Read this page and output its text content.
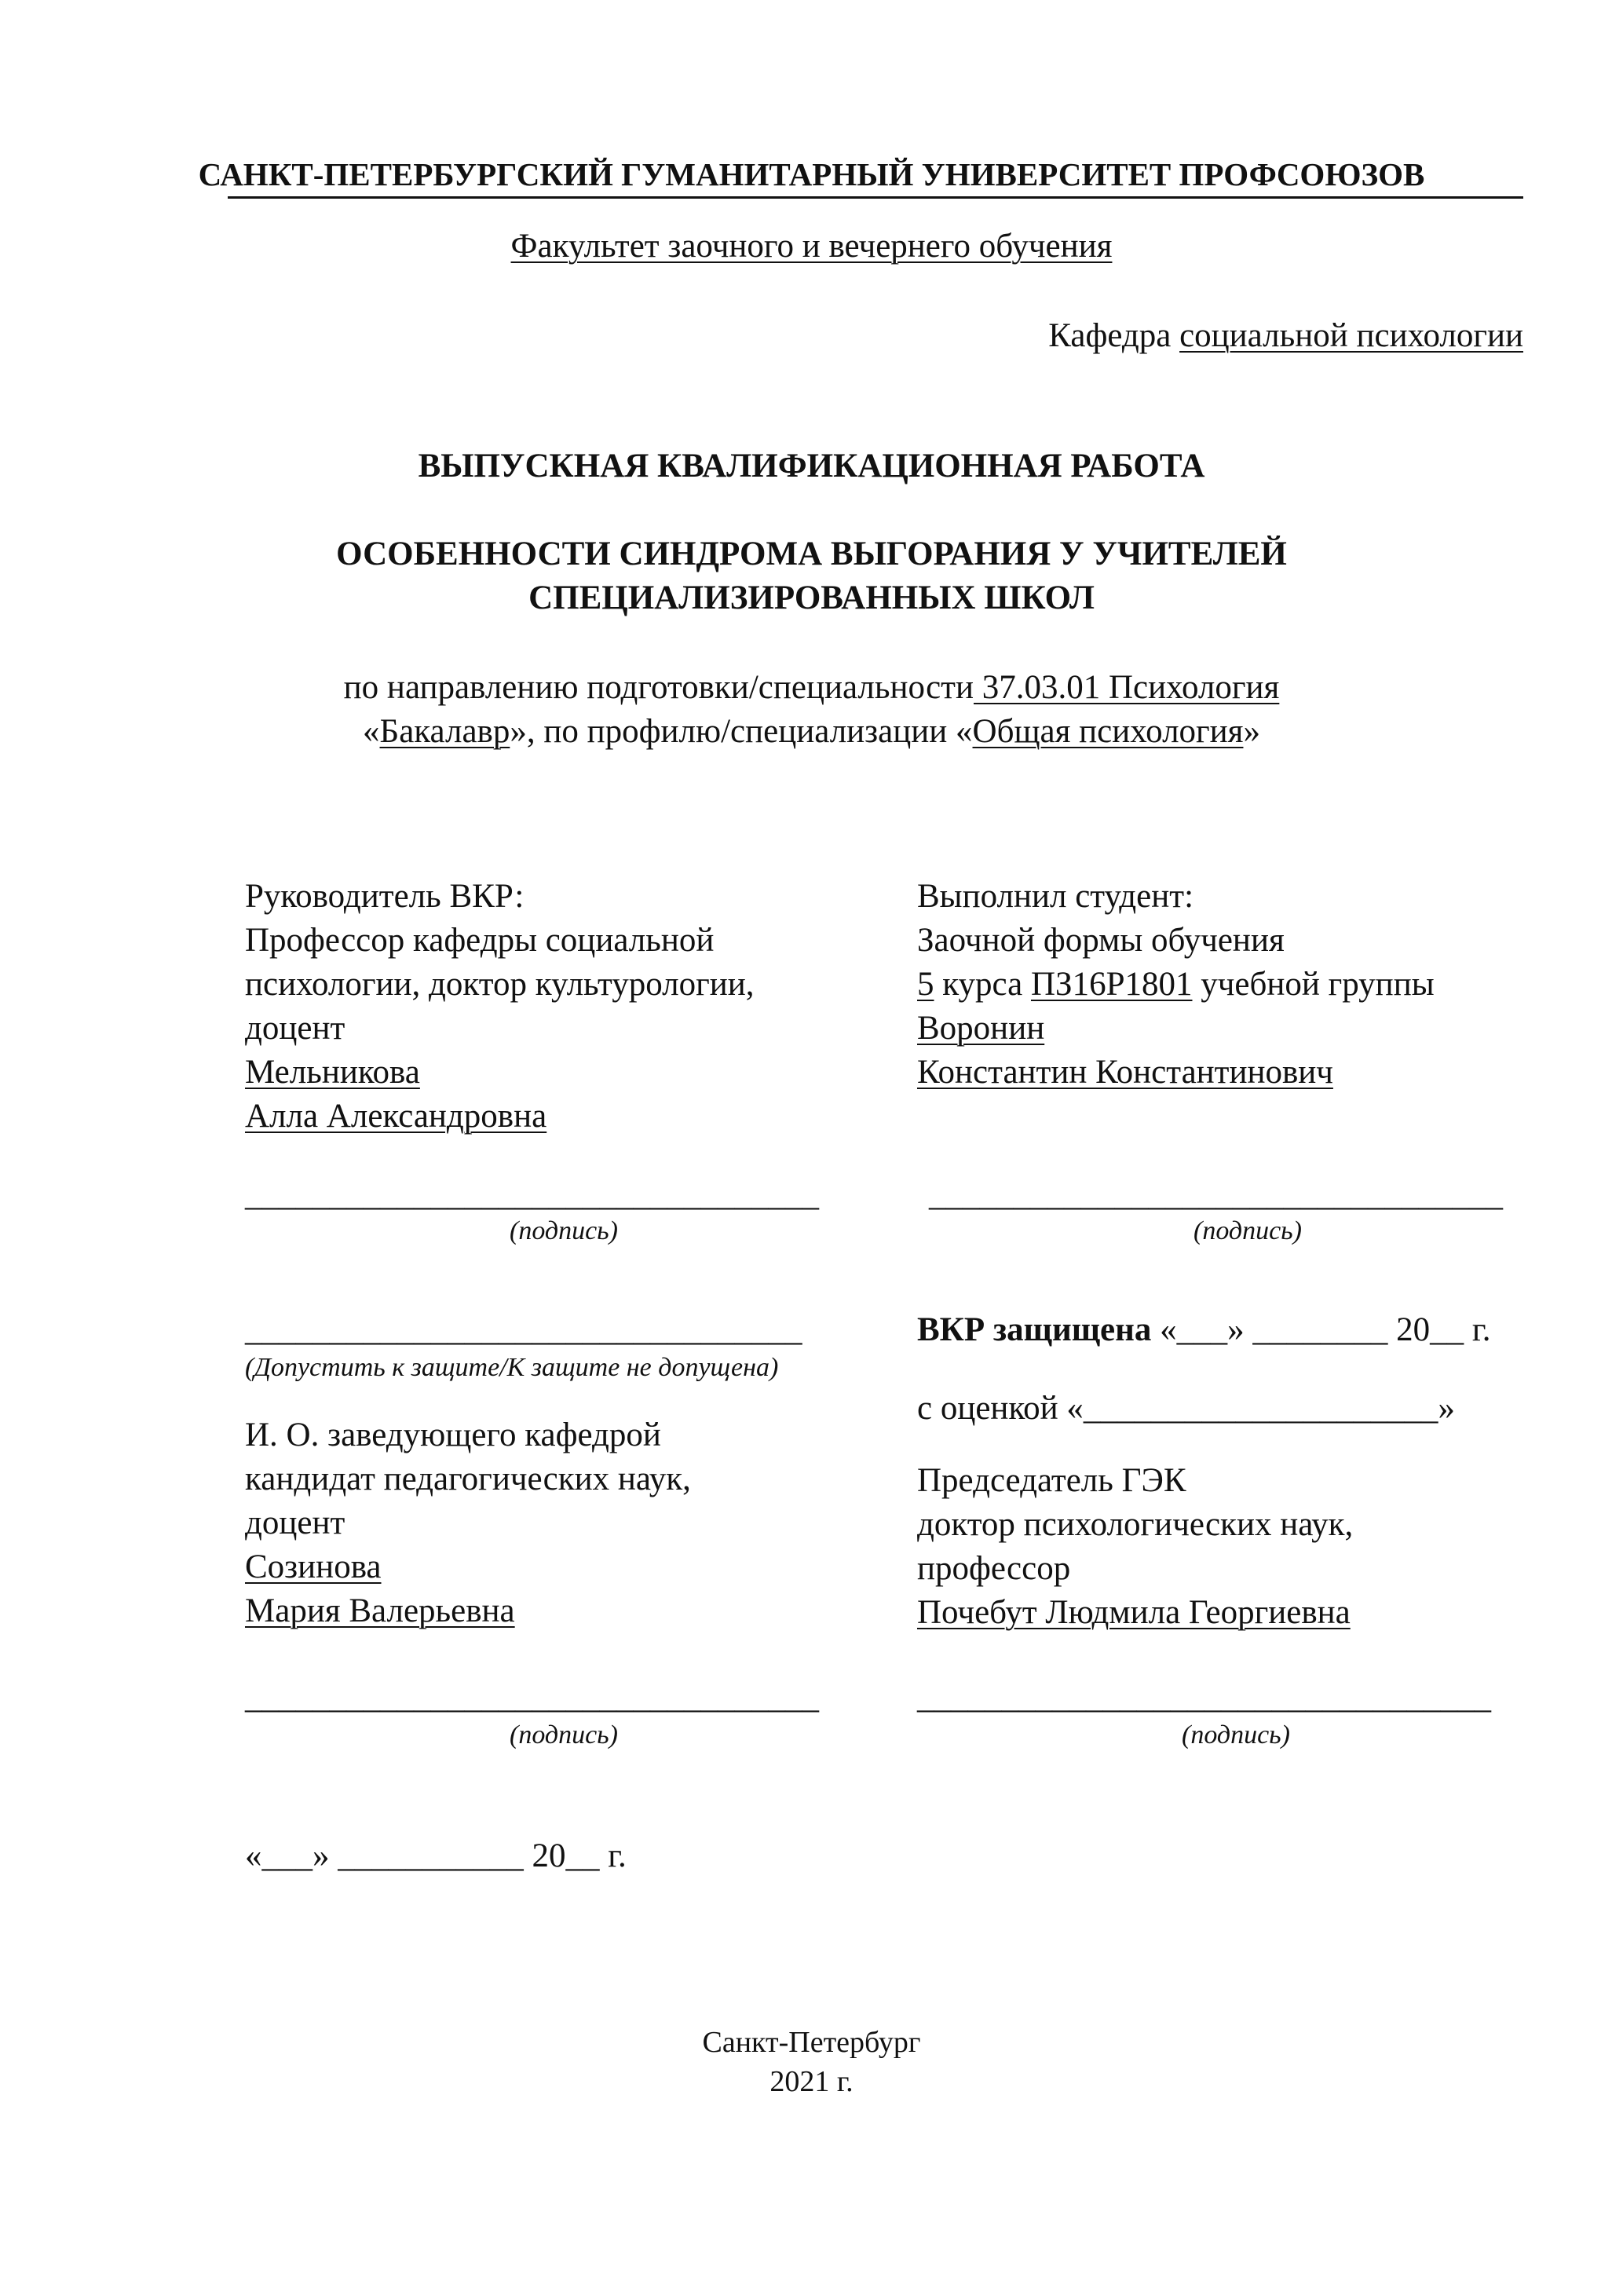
САНКТ-ПЕТЕРБУРГСКИЙ ГУМАНИТАРНЫЙ УНИВЕРСИТЕТ ПРОФСОЮЗОВ
Факультет заочного и вечернего обучения
Кафедра социальной психологии
ВЫПУСКНАЯ КВАЛИФИКАЦИОННАЯ РАБОТА
ОСОБЕННОСТИ СИНДРОМА ВЫГОРАНИЯ У УЧИТЕЛЕЙ
СПЕЦИАЛИЗИРОВАННЫХ ШКОЛ
по направлению подготовки/специальности 37.03.01 Психология
«Бакалавр», по профилю/специализации «Общая психология»
Руководитель ВКР:
Профессор кафедры социальной
психологии, доктор культурологии,
доцент
Мельникова
Алла Александровна
Выполнил студент:
Заочной формы обучения
5 курса ПЗ16Р1801 учебной группы
Воронин
Константин Константинович
__________________________________
(подпись)
__________________________________
(подпись)
_________________________________
(Допустить к защите/К защите не допущена)
ВКР защищена «___» ________ 20__ г.
с оценкой «_____________________»
И. О. заведующего кафедрой
кандидат педагогических наук,
доцент
Созинова
Мария Валерьевна
Председатель ГЭК
доктор психологических наук,
профессор
Почебут Людмила Георгиевна
__________________________________
(подпись)
__________________________________
(подпись)
«___» ___________ 20__ г.
Санкт-Петербург
2021 г.
